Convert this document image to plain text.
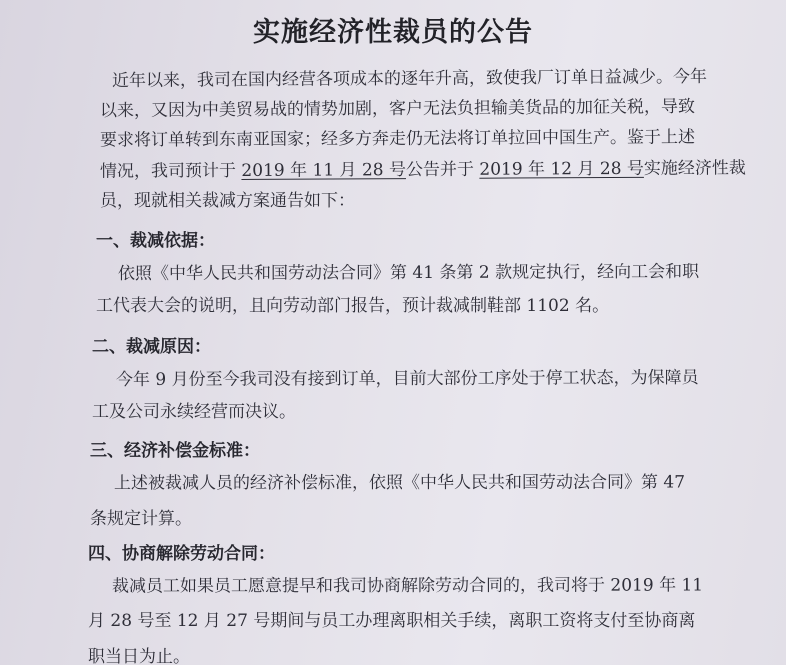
实施经济性裁员的公告
近年以来，我司在国内经营各项成本的逐年升高，致使我厂订单日益减少。今年
以来，又因为中美贸易战的情势加剧，客户无法负担输美货品的加征关税，导致
要求将订单转到东南亚国家；经多方奔走仍无法将订单拉回中国生产。鉴于上述
情况，我司预计于 2019 年 11 月 28 号公告并于 2019 年 12 月 28 号实施经济性裁
员，现就相关裁减方案通告如下：
一、裁减依据：
依照《中华人民共和国劳动法合同》第 41 条第 2 款规定执行，经向工会和职
工代表大会的说明，且向劳动部门报告，预计裁减制鞋部 1102 名。
二、裁减原因：
今年 9 月份至今我司没有接到订单，目前大部份工序处于停工状态，为保障员
工及公司永续经营而决议。
三、经济补偿金标准：
上述被裁减人员的经济补偿标准，依照《中华人民共和国劳动法合同》第 47
条规定计算。
四、协商解除劳动合同：
裁减员工如果员工愿意提早和我司协商解除劳动合同的，我司将于 2019 年 11
月 28 号至 12 月 27 号期间与员工办理离职相关手续，离职工资将支付至协商离
职当日为止。
